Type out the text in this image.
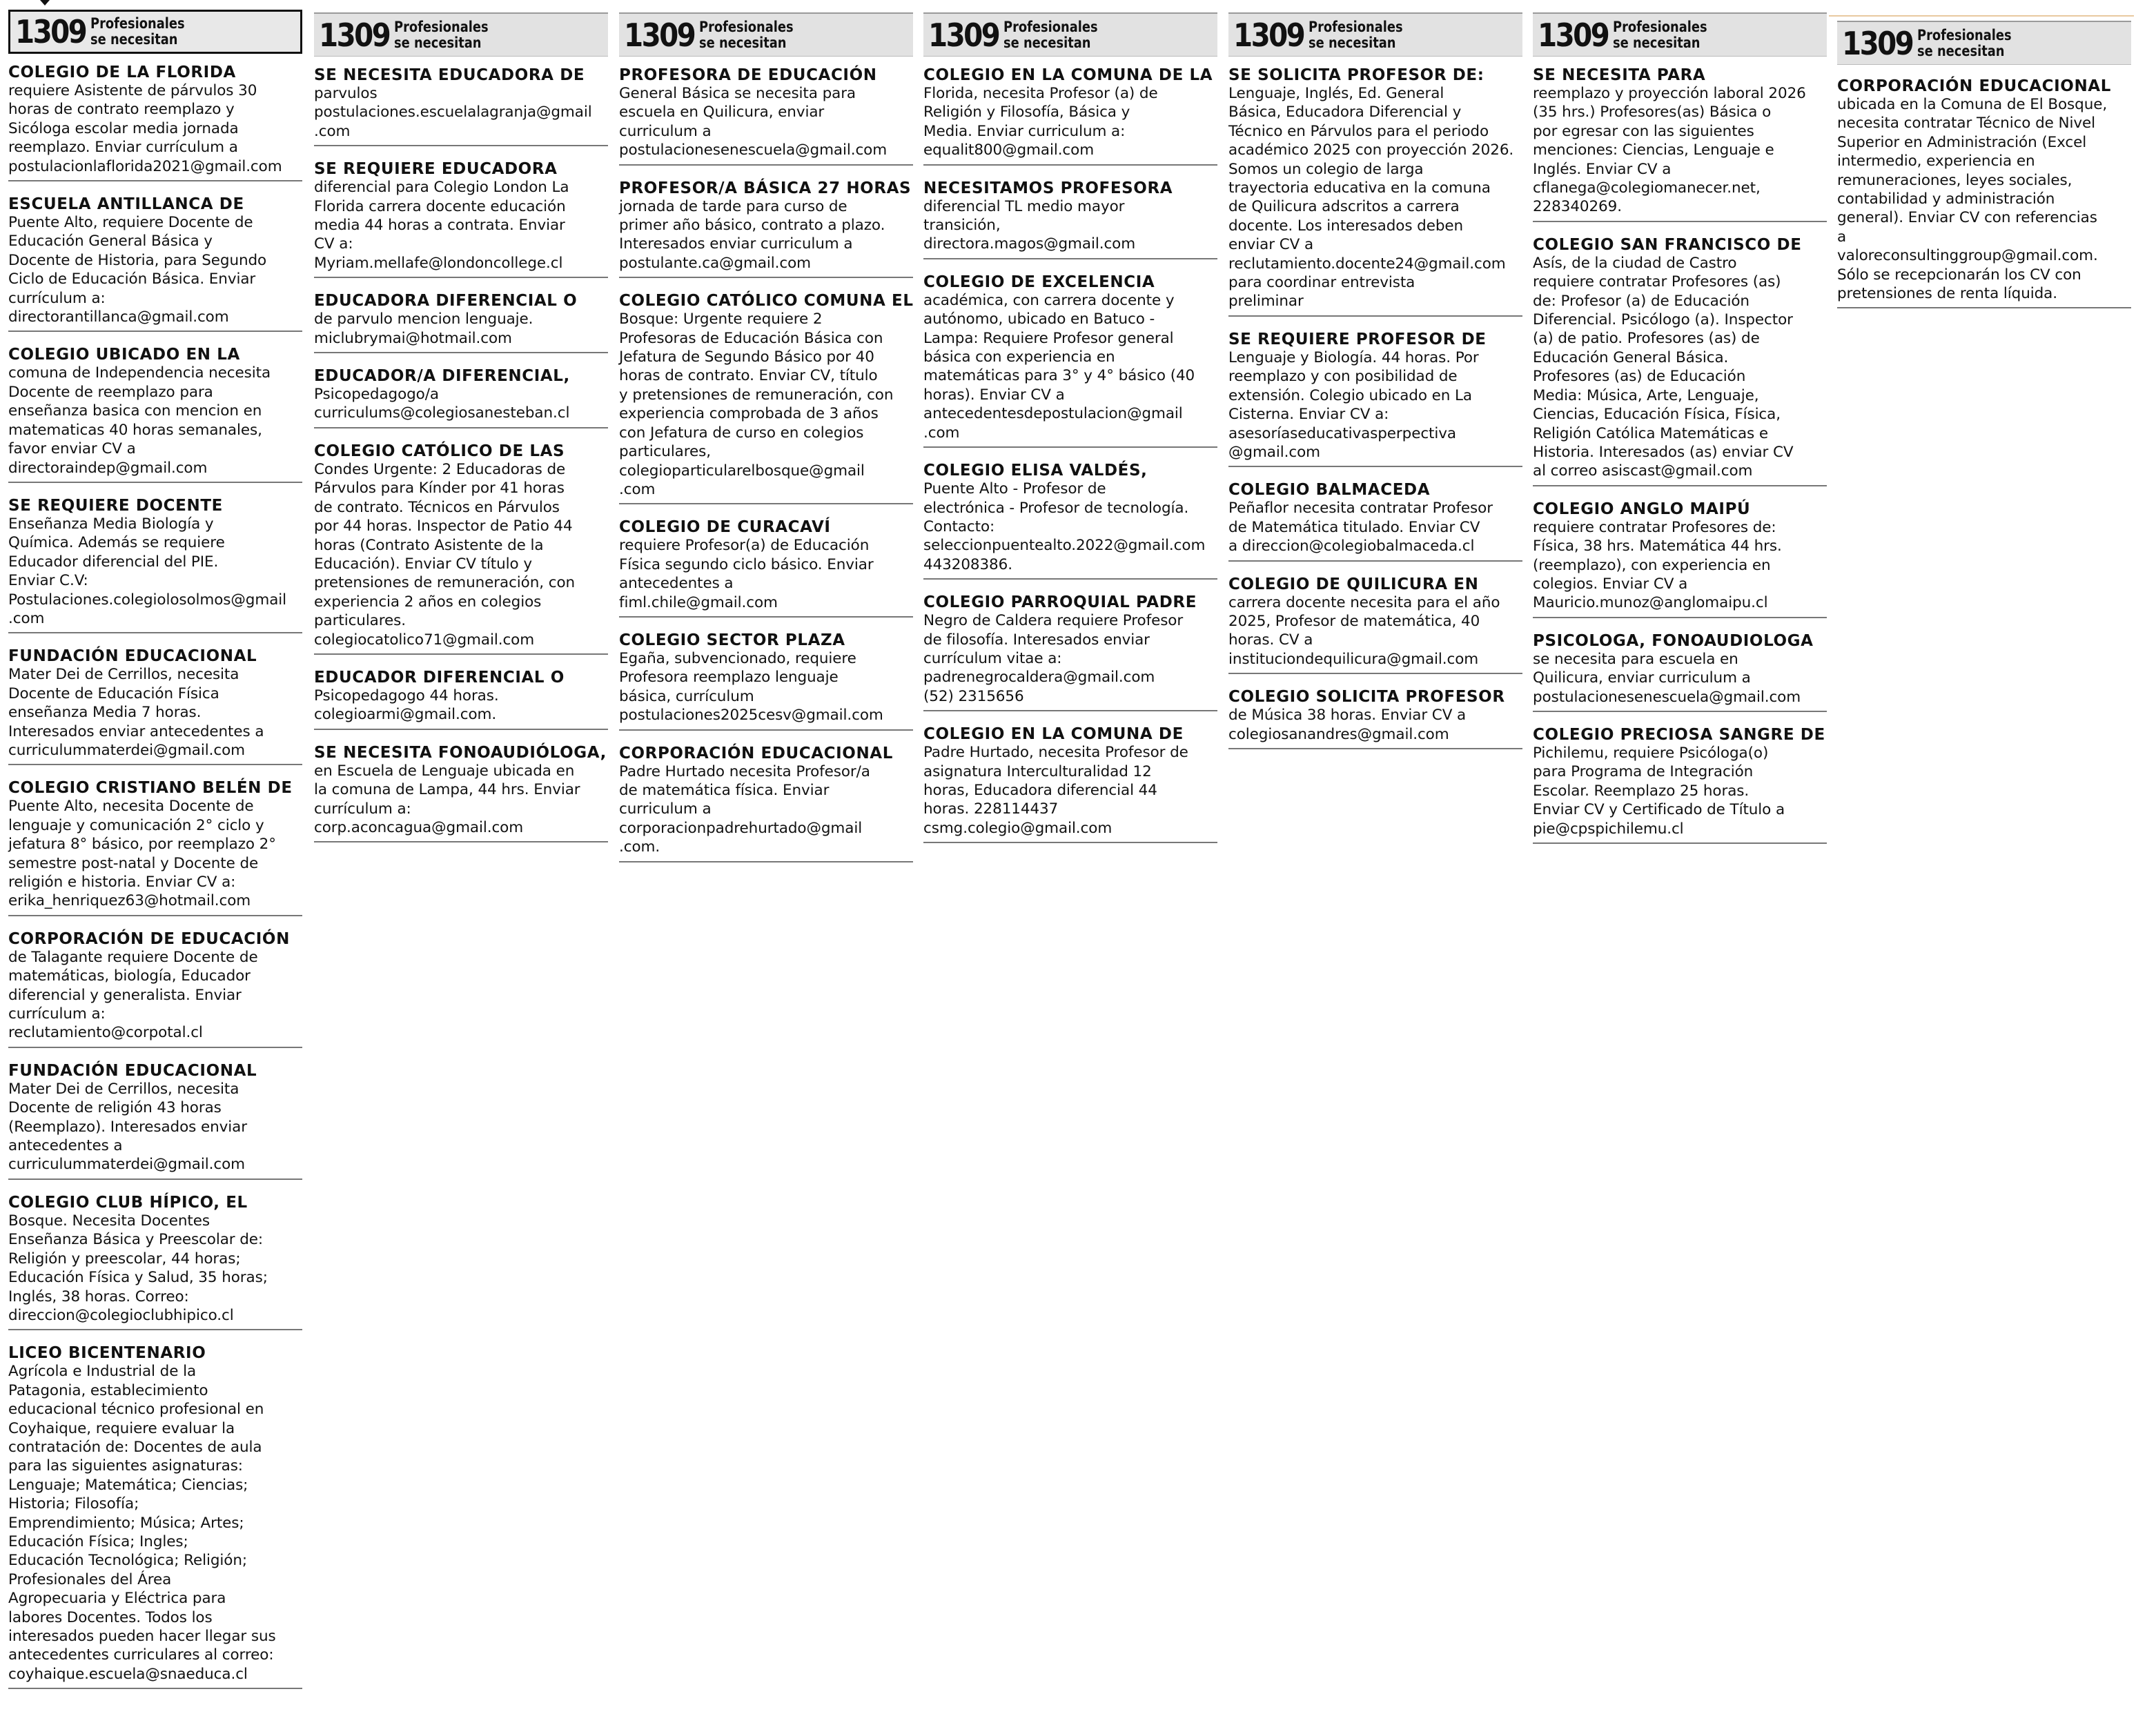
1309 Profesionales
se necesitan
COLEGIO DE LA FLORIDA
requiere Asistente de párvulos 30
horas de contrato reemplazo y
Sicóloga escolar media jornada
reemplazo. Enviar currículum a
postulacionlaflorida2021@gmail.com
ESCUELA ANTILLANCA DE
Puente Alto, requiere Docente de
Educación General Básica y
Docente de Historia, para Segundo
Ciclo de Educación Básica. Enviar
currículum a:
directorantillanca@gmail.com
COLEGIO UBICADO EN LA
comuna de Independencia necesita
Docente de reemplazo para
enseñanza basica con mencion en
matematicas 40 horas semanales,
favor enviar CV a
directoraindep@gmail.com
SE REQUIERE DOCENTE
Enseñanza Media Biología y
Química. Además se requiere
Educador diferencial del PIE.
Enviar C.V:
Postulaciones.colegiolosolmos@gmail
.com
FUNDACIÓN EDUCACIONAL
Mater Dei de Cerrillos, necesita
Docente de Educación Física
enseñanza Media 7 horas.
Interesados enviar antecedentes a
curriculummaterdei@gmail.com
COLEGIO CRISTIANO BELÉN DE
Puente Alto, necesita Docente de
lenguaje y comunicación 2° ciclo y
jefatura 8° básico, por reemplazo 2°
semestre post-natal y Docente de
religión e historia. Enviar CV a:
erika_henriquez63@hotmail.com
CORPORACIÓN DE EDUCACIÓN
de Talagante requiere Docente de
matemáticas, biología, Educador
diferencial y generalista. Enviar
currículum a:
reclutamiento@corpotal.cl
FUNDACIÓN EDUCACIONAL
Mater Dei de Cerrillos, necesita
Docente de religión 43 horas
(Reemplazo). Interesados enviar
antecedentes a
curriculummaterdei@gmail.com
COLEGIO CLUB HÍPICO, EL
Bosque. Necesita Docentes
Enseñanza Básica y Preescolar de:
Religión y preescolar, 44 horas;
Educación Física y Salud, 35 horas;
Inglés, 38 horas. Correo:
direccion@colegioclubhipico.cl
LICEO BICENTENARIO
Agrícola e Industrial de la
Patagonia, establecimiento
educacional técnico profesional en
Coyhaique, requiere evaluar la
contratación de: Docentes de aula
para las siguientes asignaturas:
Lenguaje; Matemática; Ciencias;
Historia; Filosofía;
Emprendimiento; Música; Artes;
Educación Física; Ingles;
Educación Tecnológica; Religión;
Profesionales del Área
Agropecuaria y Eléctrica para
labores Docentes. Todos los
interesados pueden hacer llegar sus
antecedentes curriculares al correo:
coyhaique.escuela@snaeduca.cl
1309 Profesionales
se necesitan
SE NECESITA EDUCADORA DE
parvulos
postulaciones.escuelalagranja@gmail
.com
SE REQUIERE EDUCADORA
diferencial para Colegio London La
Florida carrera docente educación
media 44 horas a contrata. Enviar
CV a:
Myriam.mellafe@londoncollege.cl
EDUCADORA DIFERENCIAL O
de parvulo mencion lenguaje.
miclubrymai@hotmail.com
EDUCADOR/A DIFERENCIAL,
Psicopedagogo/a
curriculums@colegiosanesteban.cl
COLEGIO CATÓLICO DE LAS
Condes Urgente: 2 Educadoras de
Párvulos para Kínder por 41 horas
de contrato. Técnicos en Párvulos
por 44 horas. Inspector de Patio 44
horas (Contrato Asistente de la
Educación). Enviar CV título y
pretensiones de remuneración, con
experiencia 2 años en colegios
particulares.
colegiocatolico71@gmail.com
EDUCADOR DIFERENCIAL O
Psicopedagogo 44 horas.
colegioarmi@gmail.com.
SE NECESITA FONOAUDIÓLOGA,
en Escuela de Lenguaje ubicada en
la comuna de Lampa, 44 hrs. Enviar
currículum a:
corp.aconcagua@gmail.com
1309 Profesionales
se necesitan
PROFESORA DE EDUCACIÓN
General Básica se necesita para
escuela en Quilicura, enviar
curriculum a
postulacionesenescuela@gmail.com
PROFESOR/A BÁSICA 27 HORAS
jornada de tarde para curso de
primer año básico, contrato a plazo.
Interesados enviar curriculum a
postulante.ca@gmail.com
COLEGIO CATÓLICO COMUNA EL
Bosque: Urgente requiere 2
Profesoras de Educación Básica con
Jefatura de Segundo Básico por 40
horas de contrato. Enviar CV, título
y pretensiones de remuneración, con
experiencia comprobada de 3 años
con Jefatura de curso en colegios
particulares,
colegioparticularelbosque@gmail
.com
COLEGIO DE CURACAVÍ
requiere Profesor(a) de Educación
Física segundo ciclo básico. Enviar
antecedentes a
fiml.chile@gmail.com
COLEGIO SECTOR PLAZA
Egaña, subvencionado, requiere
Profesora reemplazo lenguaje
básica, currículum
postulaciones2025cesv@gmail.com
CORPORACIÓN EDUCACIONAL
Padre Hurtado necesita Profesor/a
de matemática física. Enviar
curriculum a
corporacionpadrehurtado@gmail
.com.
1309 Profesionales
se necesitan
COLEGIO EN LA COMUNA DE LA
Florida, necesita Profesor (a) de
Religión y Filosofía, Básica y
Media. Enviar curriculum a:
equalit800@gmail.com
NECESITAMOS PROFESORA
diferencial TL medio mayor
transición,
directora.magos@gmail.com
COLEGIO DE EXCELENCIA
académica, con carrera docente y
autónomo, ubicado en Batuco -
Lampa: Requiere Profesor general
básica con experiencia en
matemáticas para 3° y 4° básico (40
horas). Enviar CV a
antecedentesdepostulacion@gmail
.com
COLEGIO ELISA VALDÉS,
Puente Alto - Profesor de
electrónica - Profesor de tecnología.
Contacto:
seleccionpuentealto.2022@gmail.com
443208386.
COLEGIO PARROQUIAL PADRE
Negro de Caldera requiere Profesor
de filosofía. Interesados enviar
currículum vitae a:
padrenegrocaldera@gmail.com
(52) 2315656
COLEGIO EN LA COMUNA DE
Padre Hurtado, necesita Profesor de
asignatura Interculturalidad 12
horas, Educadora diferencial 44
horas. 228114437
csmg.colegio@gmail.com
1309 Profesionales
se necesitan
SE SOLICITA PROFESOR DE:
Lenguaje, Inglés, Ed. General
Básica, Educadora Diferencial y
Técnico en Párvulos para el periodo
académico 2025 con proyección 2026.
Somos un colegio de larga
trayectoria educativa en la comuna
de Quilicura adscritos a carrera
docente. Los interesados deben
enviar CV a
reclutamiento.docente24@gmail.com
para coordinar entrevista
preliminar
SE REQUIERE PROFESOR DE
Lenguaje y Biología. 44 horas. Por
reemplazo y con posibilidad de
extensión. Colegio ubicado en La
Cisterna. Enviar CV a:
asesoríaseducativasperpectiva
@gmail.com
COLEGIO BALMACEDA
Peñaflor necesita contratar Profesor
de Matemática titulado. Enviar CV
a direccion@colegiobalmaceda.cl
COLEGIO DE QUILICURA EN
carrera docente necesita para el año
2025, Profesor de matemática, 40
horas. CV a
instituciondequilicura@gmail.com
COLEGIO SOLICITA PROFESOR
de Música 38 horas. Enviar CV a
colegiosanandres@gmail.com
1309 Profesionales
se necesitan
SE NECESITA PARA
reemplazo y proyección laboral 2026
(35 hrs.) Profesores(as) Básica o
por egresar con las siguientes
menciones: Ciencias, Lenguaje e
Inglés. Enviar CV a
cflanega@colegiomanecer.net,
228340269.
COLEGIO SAN FRANCISCO DE
Asís, de la ciudad de Castro
requiere contratar Profesores (as)
de: Profesor (a) de Educación
Diferencial. Psicólogo (a). Inspector
(a) de patio. Profesores (as) de
Educación General Básica.
Profesores (as) de Educación
Media: Música, Arte, Lenguaje,
Ciencias, Educación Física, Física,
Religión Católica Matemáticas e
Historia. Interesados (as) enviar CV
al correo asiscast@gmail.com
COLEGIO ANGLO MAIPÚ
requiere contratar Profesores de:
Física, 38 hrs. Matemática 44 hrs.
(reemplazo), con experiencia en
colegios. Enviar CV a
Mauricio.munoz@anglomaipu.cl
PSICOLOGA, FONOAUDIOLOGA
se necesita para escuela en
Quilicura, enviar curriculum a
postulacionesenescuela@gmail.com
COLEGIO PRECIOSA SANGRE DE
Pichilemu, requiere Psicóloga(o)
para Programa de Integración
Escolar. Reemplazo 25 horas.
Enviar CV y Certificado de Título a
pie@cpspichilemu.cl
1309 Profesionales
se necesitan
CORPORACIÓN EDUCACIONAL
ubicada en la Comuna de El Bosque,
necesita contratar Técnico de Nivel
Superior en Administración (Excel
intermedio, experiencia en
remuneraciones, leyes sociales,
contabilidad y administración
general). Enviar CV con referencias
a
valoreconsultinggroup@gmail.com.
Sólo se recepcionarán los CV con
pretensiones de renta líquida.
